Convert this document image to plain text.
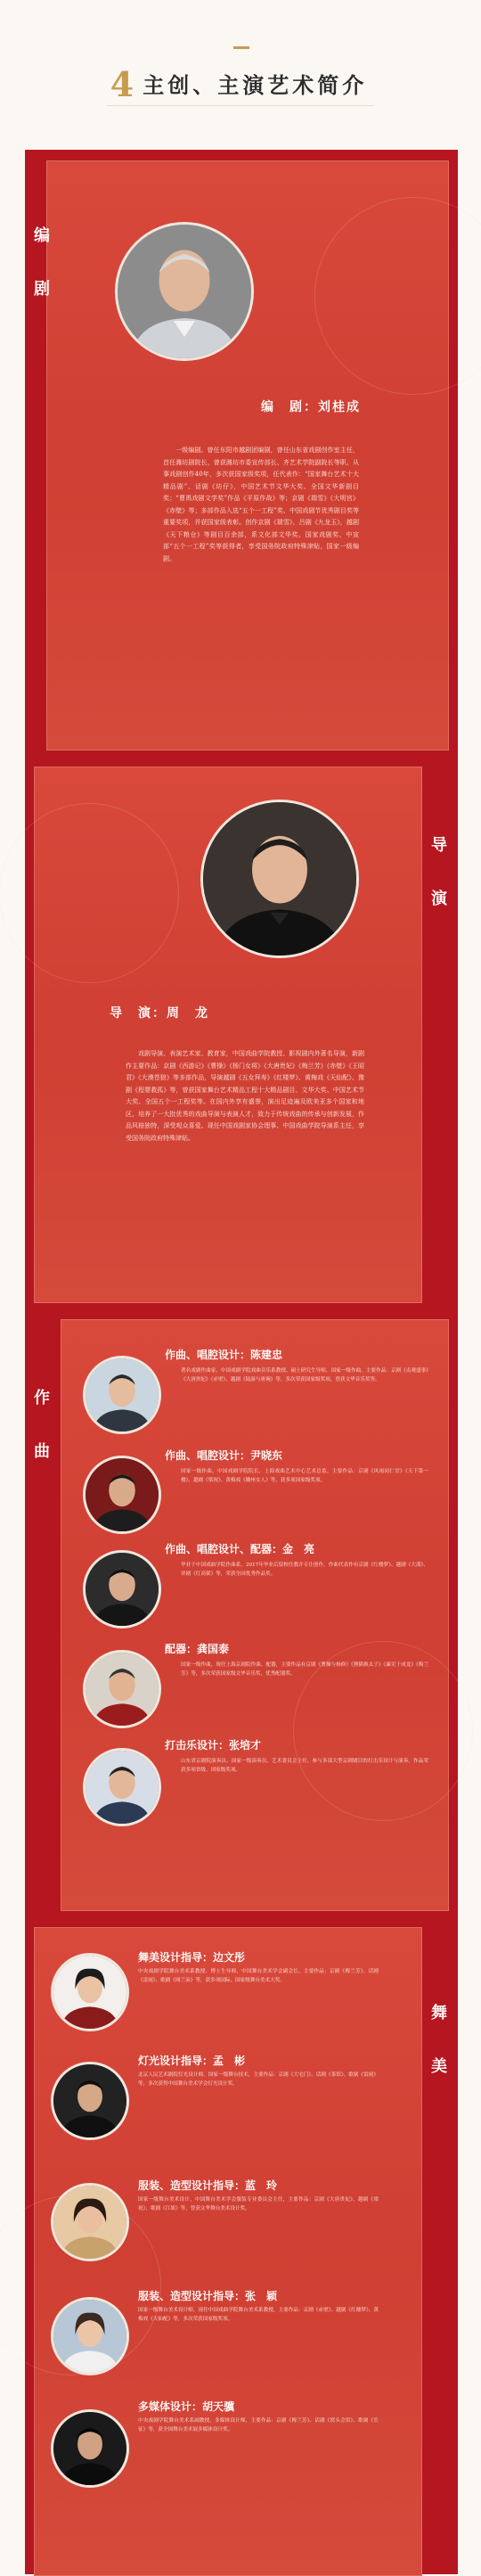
4 主创、主演艺术简介
编　剧：刘桂成
一级编剧。曾任东阳市越剧团编剧，曾任山东省戏剧创作室主任，首任潍坊剧院长，曾获潍坊市委宣传部长、齐艺术学院副院长等职。从事戏剧创作40年，多次获国家级奖项，任代表作：“国家舞台艺术十大精品剧”、话剧《坊仔》，中国艺术节文华大奖、全国文华新剧目奖；“曹禺戏剧文学奖”作品《平原作战》等；京剧《瑞雪》《大明宫》《赤壁》等；多部作品入选“五个一工程”奖、中国戏剧节优秀剧目奖等重要奖项，并获国家级表彰。创作京剧《瑞雪》、吕剧《九龙玉》，越剧《天下粮仓》等剧目百余部，系文化部文华奖、国家戏剧奖、中宣部“五个一工程”奖等获得者，享受国务院政府特殊津贴，国家一级编剧。
编 剧
导　演：周　龙
戏剧导演、表演艺术家、教育家，中国戏曲学院教授、影视剧内外著名导演，新剧作主要作品：京剧《西游记》《曹操》《杨门女将》《大唐贵妃》《梅兰芳》《赤壁》《王昭君》《大漠苍狼》等多部作品，导演越剧《五女拜寿》《红楼梦》、黄梅戏《天仙配》、豫剧《程婴救孤》等，曾获国家舞台艺术精品工程十大精品剧目、文华大奖、中国艺术节大奖、全国五个一工程奖等。在国内外享有盛誉，演出足迹遍及欧美亚多个国家和地区，培养了一大批优秀的戏曲导演与表演人才，致力于传统戏曲的传承与创新发展，作品风格独特，深受观众喜爱。现任中国戏剧家协会理事、中国戏曲学院导演系主任，享受国务院政府特殊津贴。
导 演
作曲、唱腔设计：陈建忠
著名戏剧作曲家，中国戏剧学院戏曲音乐系教授、硕士研究生导师，国家一级作曲。主要作品：京剧《贞观盛事》《大唐贵妃》《赤壁》，越剧《陆游与唐琬》等，多次荣获国家级奖项，曾获文华音乐奖等。
作曲、唱腔设计：尹晓东
国家一级作曲，中国戏剧学院院长，上海戏曲艺术中心艺术总监。主要作品：京剧《风雨同仁堂》《天下第一楼》、越剧《梁祝》、黄梅戏《徽州女人》等，获多项国家级奖项。
作曲、唱腔设计、配器：金　亮
毕业于中国戏曲学院作曲系，2017年毕业后留校任教并专注创作，作曲代表作有京剧《红楼梦》、越剧《大漠》、评剧《红高粱》等，荣获全国优秀作品奖。
配器：龚国泰
国家一级作曲，现任上海京剧院作曲、配器，主要作品有京剧《曹操与杨修》《狸猫换太子》《廉吏于成龙》《梅兰芳》等，多次荣获国家级文华音乐奖、优秀配器奖。
打击乐设计：张培才
山东省京剧院演奏员、国家一级演奏员，艺术委员会主任，参与多部大型京剧剧目的打击乐设计与演奏，作品荣获多项省级、国家级奖项。
作 曲
舞美设计指导：边文彤
中央戏剧学院舞台美术系教授、博士生导师，中国舞台美术学会副会长。主要作品：京剧《梅兰芳》、话剧《雷雨》、歌剧《图兰朵》等，获多项国际、国家级舞台美术大奖。
灯光设计指导：孟　彬
北京人民艺术剧院灯光设计师，国家一级舞台技术，主要作品：京剧《大宅门》、话剧《茶馆》、歌剧《雷雨》等，多次获得中国舞台美术学会灯光设计奖。
服装、造型设计指导：蓝　玲
国家一级舞台美术设计，中国舞台美术学会服装专业委员会主任，主要作品：京剧《大唐贵妃》、越剧《梁祝》、歌剧《江姐》等，曾获文华舞台美术设计奖。
服装、造型设计指导：张　颖
国家一级舞台美术设计师，现任中国戏曲学院舞台美术系教授，主要作品：京剧《赤壁》、越剧《红楼梦》、黄梅戏《天仙配》等，多次荣获国家级奖项。
多媒体设计：胡天骥
中央戏剧学院舞台美术系副教授，多媒体设计师，主要作品：京剧《梅兰芳》、话剧《窝头会馆》、歌剧《长征》等，获全国舞台美术展多媒体设计奖。
舞 美
